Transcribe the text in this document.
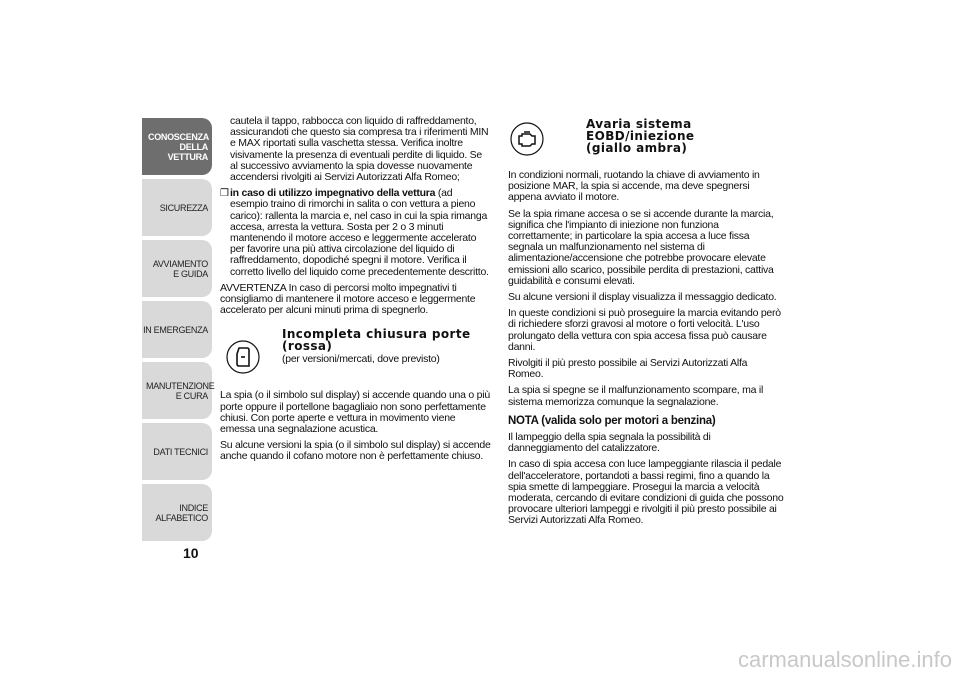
CONOSCENZA DELLA VETTURA
SICUREZZA
AVVIAMENTO E GUIDA
IN EMERGENZA
MANUTENZIONE E CURA
DATI TECNICI
INDICE ALFABETICO
10

cautela il tappo, rabbocca con liquido di raffreddamento, assicurandoti che questo sia compresa tra i riferimenti MIN e MAX riportati sulla vaschetta stessa. Verifica inoltre visivamente la presenza di eventuali perdite di liquido. Se al successivo avviamento la spia dovesse nuovamente accendersi rivolgiti ai Servizi Autorizzati Alfa Romeo;

❒ in caso di utilizzo impegnativo della vettura (ad esempio traino di rimorchi in salita o con vettura a pieno carico): rallenta la marcia e, nel caso in cui la spia rimanga accesa, arresta la vettura. Sosta per 2 o 3 minuti mantenendo il motore acceso e leggermente accelerato per favorire una più attiva circolazione del liquido di raffreddamento, dopodiché spegni il motore. Verifica il corretto livello del liquido come precedentemente descritto.

AVVERTENZA In caso di percorsi molto impegnativi ti consigliamo di mantenere il motore acceso e leggermente accelerato per alcuni minuti prima di spegnerlo.

Incompleta chiusura porte
(rossa)
(per versioni/mercati, dove previsto)

La spia (o il simbolo sul display) si accende quando una o più porte oppure il portellone bagagliaio non sono perfettamente chiusi. Con porte aperte e vettura in movimento viene emessa una segnalazione acustica.

Su alcune versioni la spia (o il simbolo sul display) si accende anche quando il cofano motore non è perfettamente chiuso.

Avaria sistema
EOBD/iniezione
(giallo ambra)

In condizioni normali, ruotando la chiave di avviamento in posizione MAR, la spia si accende, ma deve spegnersi appena avviato il motore.

Se la spia rimane accesa o se si accende durante la marcia, significa che l'impianto di iniezione non funziona correttamente; in particolare la spia accesa a luce fissa segnala un malfunzionamento nel sistema di alimentazione/accensione che potrebbe provocare elevate emissioni allo scarico, possibile perdita di prestazioni, cattiva guidabilità e consumi elevati.

Su alcune versioni il display visualizza il messaggio dedicato.

In queste condizioni si può proseguire la marcia evitando però di richiedere sforzi gravosi al motore o forti velocità. L'uso prolungato della vettura con spia accesa fissa può causare danni.

Rivolgiti il più presto possibile ai Servizi Autorizzati Alfa Romeo.

La spia si spegne se il malfunzionamento scompare, ma il sistema memorizza comunque la segnalazione.

NOTA (valida solo per motori a benzina)

Il lampeggio della spia segnala la possibilità di danneggiamento del catalizzatore.

In caso di spia accesa con luce lampeggiante rilascia il pedale dell'acceleratore, portandoti a bassi regimi, fino a quando la spia smette di lampeggiare. Prosegui la marcia a velocità moderata, cercando di evitare condizioni di guida che possono provocare ulteriori lampeggi e rivolgiti il più presto possibile ai Servizi Autorizzati Alfa Romeo.

carmanualsonline.info
